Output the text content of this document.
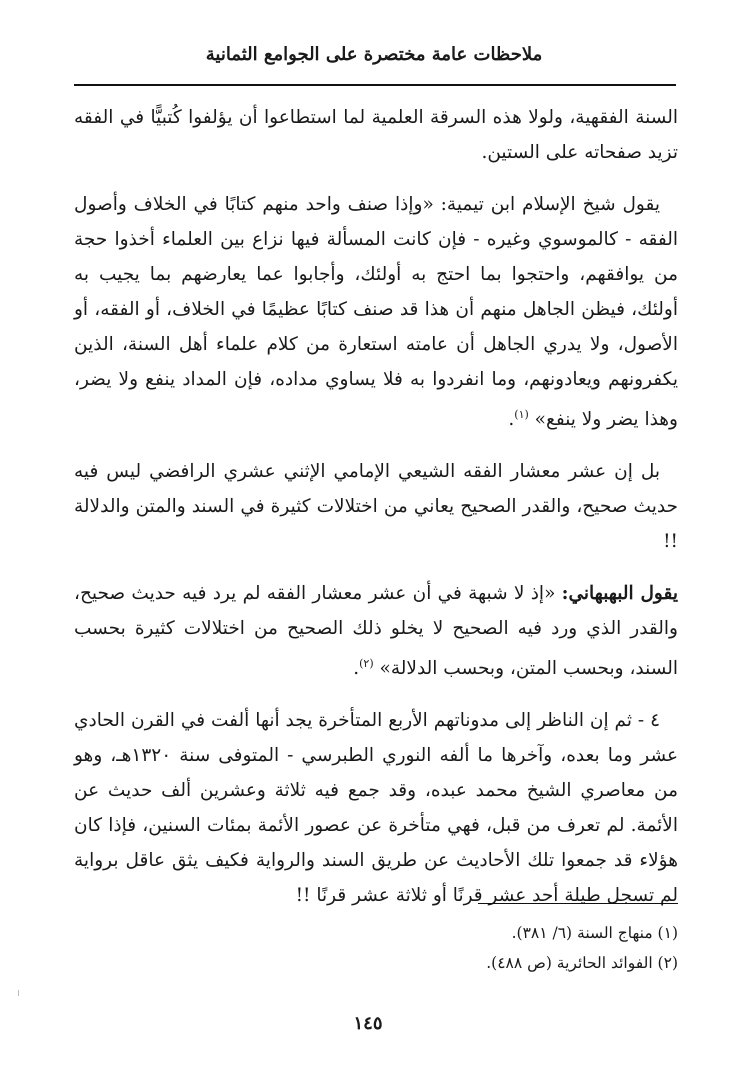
ملاحظات عامة مختصرة على الجوامع الثمانية

السنة الفقهية، ولولا هذه السرقة العلمية لما استطاعوا أن يؤلفوا كُتبيًّا في الفقه تزيد صفحاته على الستين.

يقول شيخ الإسلام ابن تيمية: «وإذا صنف واحد منهم كتابًا في الخلاف وأصول الفقه - كالموسوي وغيره - فإن كانت المسألة فيها نزاع بين العلماء أخذوا حجة من يوافقهم، واحتجوا بما احتج به أولئك، وأجابوا عما يعارضهم بما يجيب به أولئك، فيظن الجاهل منهم أن هذا قد صنف كتابًا عظيمًا في الخلاف، أو الفقه، أو الأصول، ولا يدري الجاهل أن عامته استعارة من كلام علماء أهل السنة، الذين يكفرونهم ويعادونهم، وما انفردوا به فلا يساوي مداده، فإن المداد ينفع ولا يضر، وهذا يضر ولا ينفع» $^{(١)}$.

بل إن عشر معشار الفقه الشيعي الإمامي الإثني عشري الرافضي ليس فيه حديث صحيح، والقدر الصحيح يعاني من اختلالات كثيرة في السند والمتن والدلالة !!

يقول البهبهاني: «إذ لا شبهة في أن عشر معشار الفقه لم يرد فيه حديث صحيح، والقدر الذي ورد فيه الصحيح لا يخلو ذلك الصحيح من اختلالات كثيرة بحسب السند، وبحسب المتن، وبحسب الدلالة» $^{(٢)}$.

٤ - ثم إن الناظر إلى مدوناتهم الأربع المتأخرة يجد أنها ألفت في القرن الحادي عشر وما بعده، وآخرها ما ألفه النوري الطبرسي - المتوفى سنة ١٣٢٠هـ، وهو من معاصري الشيخ محمد عبده، وقد جمع فيه ثلاثة وعشرين ألف حديث عن الأئمة. لم تعرف من قبل، فهي متأخرة عن عصور الأئمة بمئات السنين، فإذا كان هؤلاء قد جمعوا تلك الأحاديث عن طريق السند والرواية فكيف يثق عاقل برواية لم تسجل طيلة أحد عشر قرنًا أو ثلاثة عشر قرنًا !!

(١) منهاج السنة (٦/ ٣٨١).
(٢) الفوائد الحائرية (ص ٤٨٨).
١٤٥
